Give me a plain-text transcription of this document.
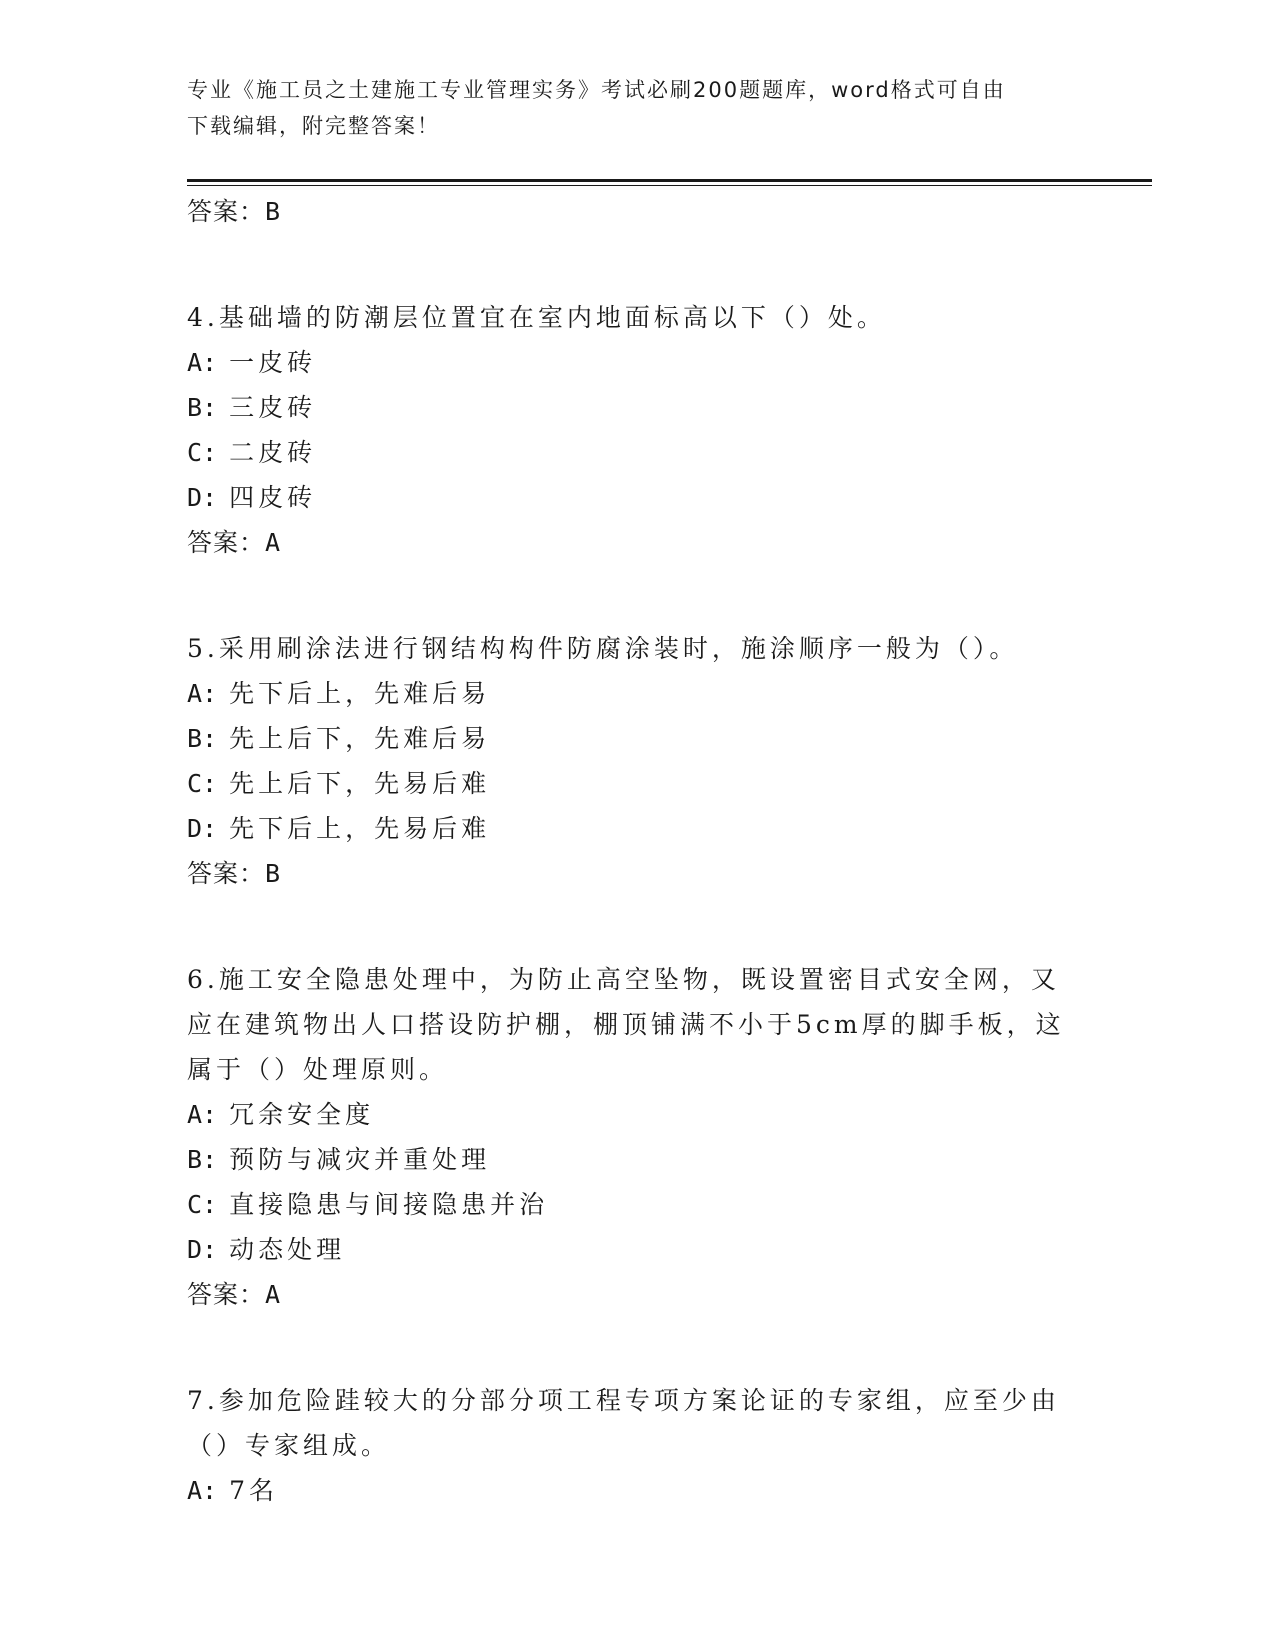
专业《施工员之土建施工专业管理实务》考试必刷200题题库，word格式可自由
下载编辑，附完整答案！
答案：B
4.基础墙的防潮层位置宜在室内地面标高以下（）处。
A: 一皮砖
B: 三皮砖
C: 二皮砖
D: 四皮砖
答案：A
5.采用刷涂法进行钢结构构件防腐涂装时，施涂顺序一般为（）。
A: 先下后上，先难后易
B: 先上后下，先难后易
C: 先上后下，先易后难
D: 先下后上，先易后难
答案：B
6.施工安全隐患处理中，为防止高空坠物，既设置密目式安全网，又
应在建筑物出人口搭设防护棚，棚顶铺满不小于5cm厚的脚手板，这
属于（）处理原则。
A: 冗余安全度
B: 预防与减灾并重处理
C: 直接隐患与间接隐患并治
D: 动态处理
答案：A
7.参加危险跬较大的分部分项工程专项方案论证的专家组，应至少由
（）专家组成。
A: 7名
